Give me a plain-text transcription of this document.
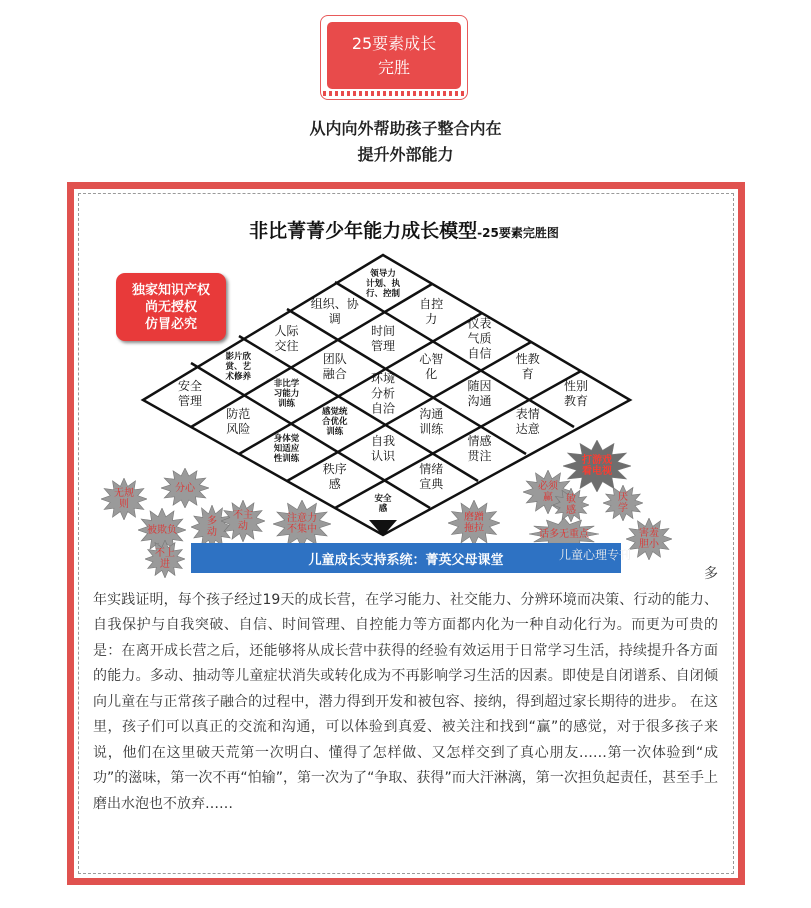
25要素成长
完胜
从内向外帮助孩子整合内在
提升外部能力
非比菁菁少年能力成长模型-25要素完胜图
独家知识产权
尚无授权
仿冒必究
领导力
计划、执
行、控制
组织、协
调
自控
力
人际
交往
时间
管理
仪表
气质
自信
影片欣
赏、艺
术修养
团队
融合
心智
化
性教
育
安全
管理
非比学
习能力
训练
环境
分析
自洽
随因
沟通
性别
教育
防范
风险
感觉统
合优化
训练
沟通
训练
表情
达意
身体觉
知适应
性训练
自我
认识
情感
贯注
秩序
感
情绪
宣典
安全
感
无规
则
分心
被欺负
多
动
不主
动
注意力
不集中
不上
进
打游戏
看电视
必须
赢	敏
感
厌
学
磨蹭
拖拉	话多无重点	害羞
胆小
儿童成长支持系统：菁英父母课堂	儿童心理专刊
多
年实践证明，每个孩子经过19天的成长营，在学习能力、社交能力、分辨环境而决策、行动的能力、自我保护与自我突破、自信、时间管理、自控能力等方面都内化为一种自动化行为。而更为可贵的是：在离开成长营之后，还能够将从成长营中获得的经验有效运用于日常学习生活，持续提升各方面的能力。多动、抽动等儿童症状消失或转化成为不再影响学习生活的因素。即使是自闭谱系、自闭倾向儿童在与正常孩子融合的过程中，潜力得到开发和被包容、接纳，得到超过家长期待的进步。 在这里，孩子们可以真正的交流和沟通，可以体验到真爱、被关注和找到“赢”的感觉，对于很多孩子来说，他们在这里破天荒第一次明白、懂得了怎样做、又怎样交到了真心朋友……第一次体验到“成功”的滋味，第一次不再“怕输”，第一次为了“争取、获得”而大汗淋漓，第一次担负起责任，甚至手上磨出水泡也不放弃……
